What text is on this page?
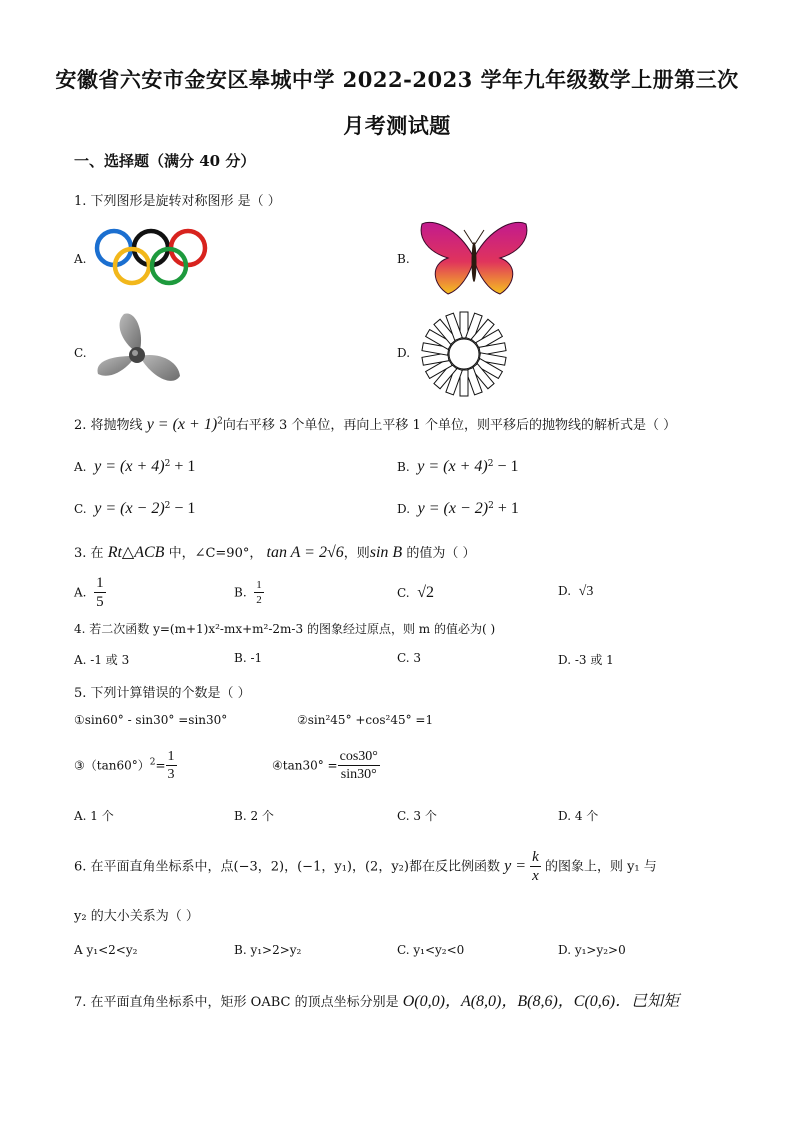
安徽省六安市金安区皋城中学 2022-2023 学年九年级数学上册第三次
月考测试题
一、选择题（满分 40 分）
1. 下列图形是旋转对称图形 是（ ）
A.	B.
C.	D.
2. 将抛物线 $y = (x + 1)^2$向右平移 3 个单位，再向上平移 1 个单位，则平移后的抛物线的解析式是（ ）
A. $y = (x + 4)^2 + 1$	B. $y = (x + 4)^2 - 1$
C. $y = (x - 2)^2 - 1$	D. $y = (x - 2)^2 + 1$
3. 在 Rt△ACB 中，∠C=90°， tan A = 2√6，则sin B 的值为（ ）
A. $\frac{1}{5}$	B. $\frac{1}{2}$	C. √2	D. √3
4. 若二次函数 y=(m+1)x²-mx+m²-2m-3 的图象经过原点，则 m 的值必为( )
A. -1 或 3	B. -1	C. 3	D. -3 或 1
5. 下列计算错误的个数是（ ）
①sin60° - sin30° =sin30°	②sin²45° +cos²45° =1
$③(\tan 60^\circ)^2= \frac{1}{3}$	④tan30° = $\frac{\cos 30^\circ}{\sin 30^\circ}$
A. 1 个	B. 2 个	C. 3 个	D. 4 个
6. 在平面直角坐标系中，点(−3，2)，(−1，y₁)，(2，y₂)都在反比例函数 $y = \frac{k}{x}$ 的图象上，则 y₁ 与
y₂ 的大小关系为（ ）
A y₁<2<y₂	B. y₁>2>y₂	C. y₁<y₂<0	D. y₁>y₂>0
7. 在平面直角坐标系中，矩形 OABC 的顶点坐标分别是 O(0,0)，A(8,0)，B(8,6)，C(0,6)．已知矩
